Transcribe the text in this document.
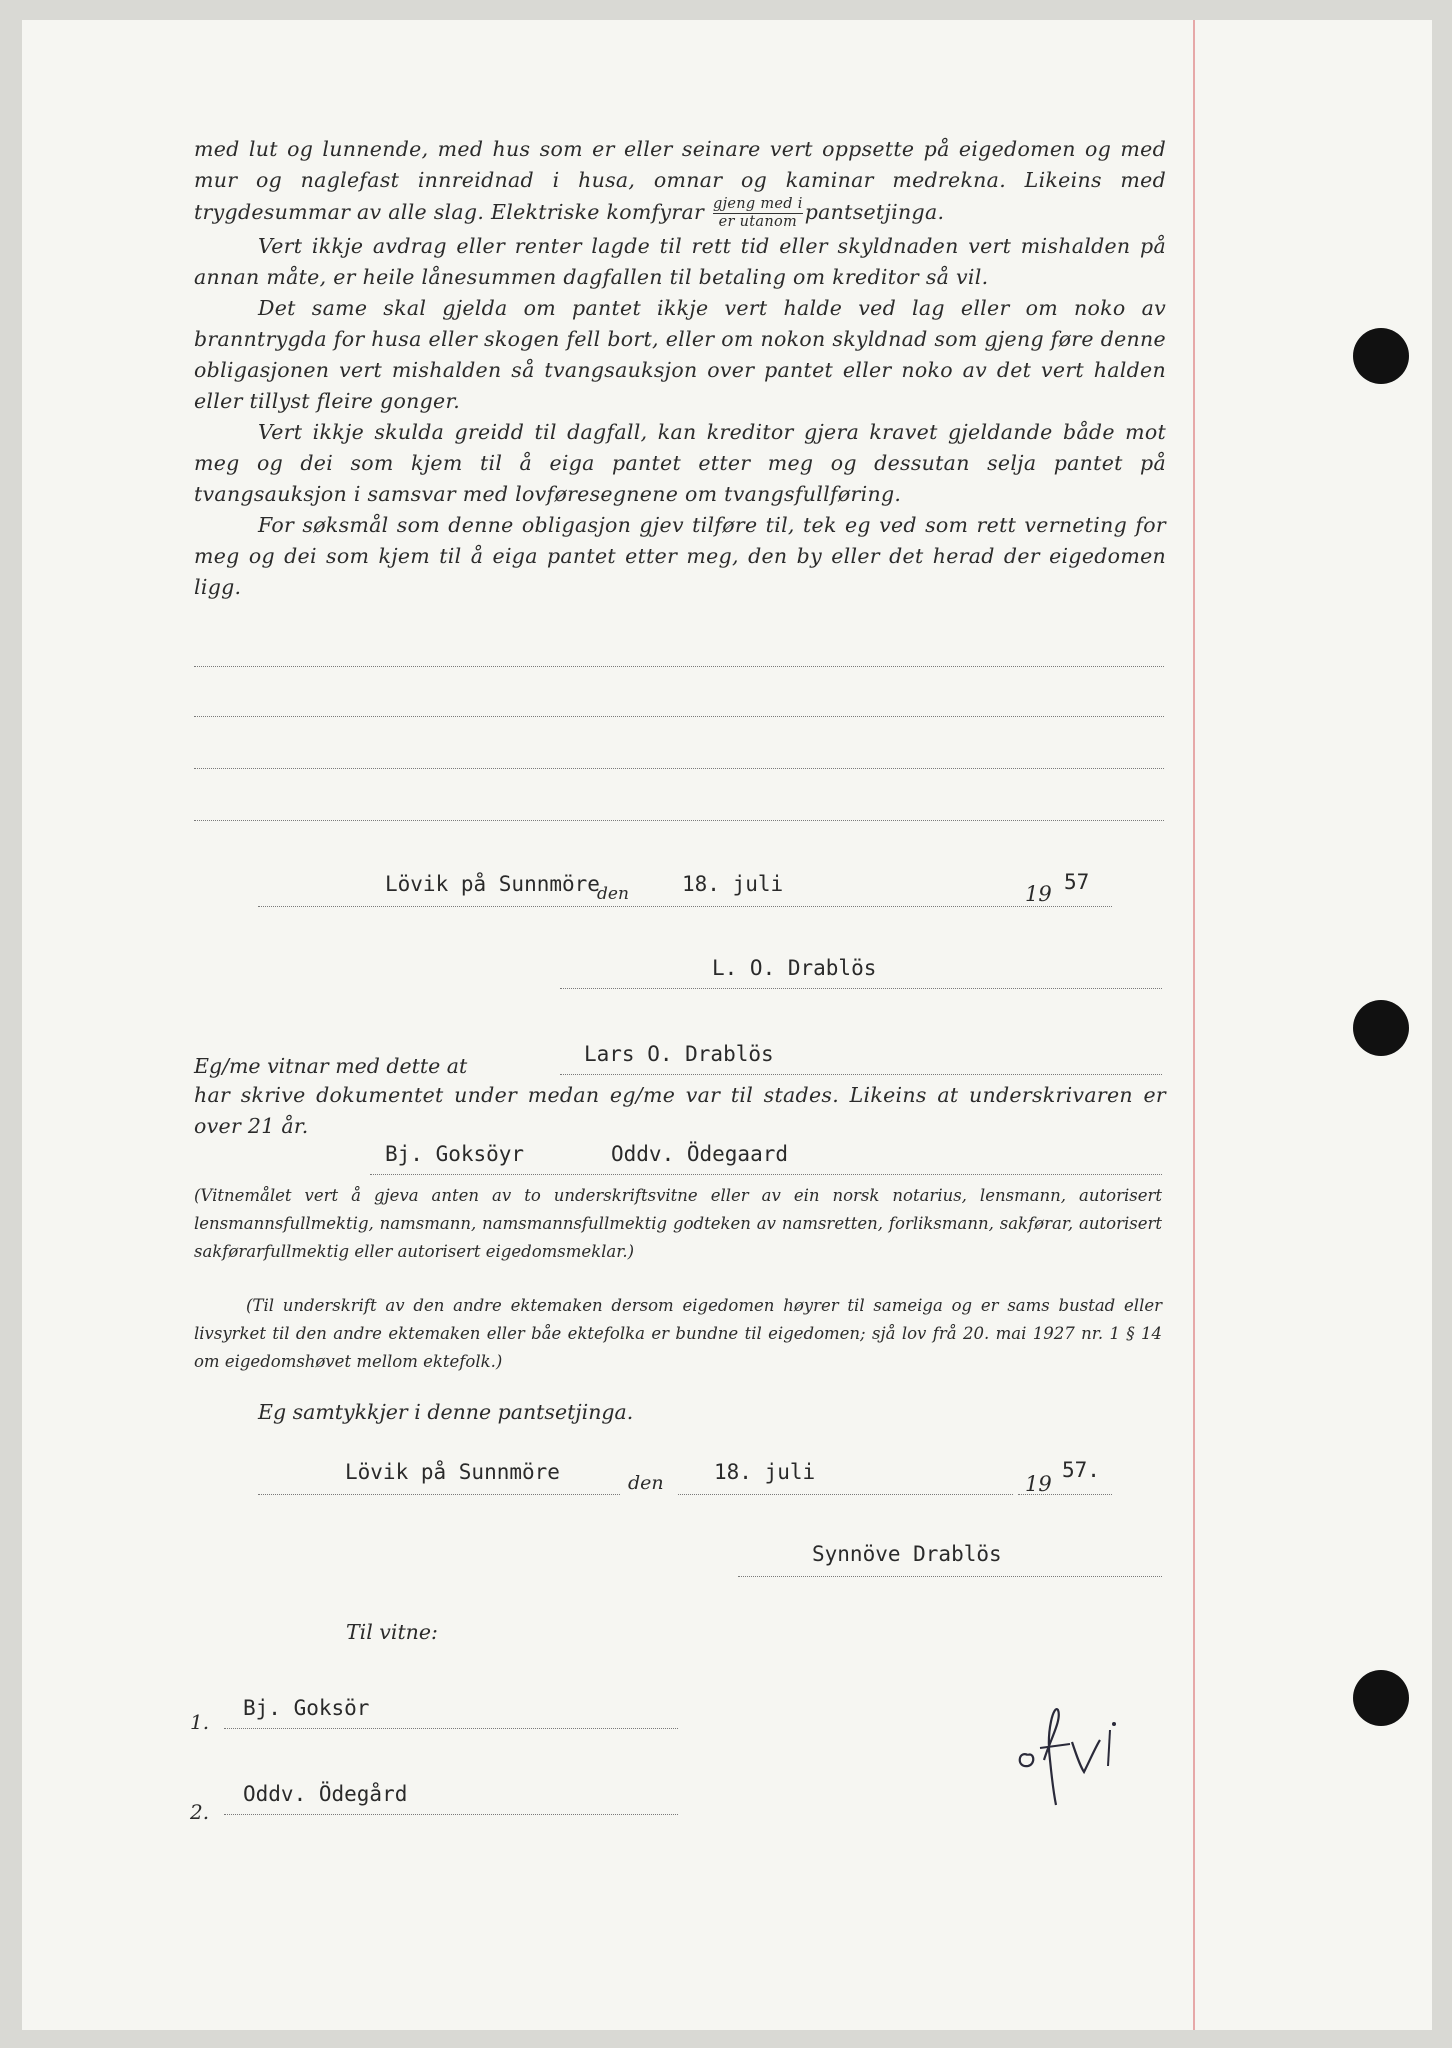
med lut og lunnende, med hus som er eller seinare vert oppsette på eigedomen og med mur og naglefast innreidnad i husa, omnar og kaminar medrekna. Likeins med trygdesummar av alle slag. Elektriske komfyrar $\frac{\text{gjeng med i}}{\text{er utanom}}$ pantsetjinga.

Vert ikkje avdrag eller renter lagde til rett tid eller skyldnaden vert mishalden på annan måte, er heile lånesummen dagfallen til betaling om kreditor så vil.

Det same skal gjelda om pantet ikkje vert halde ved lag eller om noko av branntrygda for husa eller skogen fell bort, eller om nokon skyldnad som gjeng føre denne obligasjonen vert mishalden så tvangsauksjon over pantet eller noko av det vert halden eller tillyst fleire gonger.

Vert ikkje skulda greidd til dagfall, kan kreditor gjera kravet gjeldande både mot meg og dei som kjem til å eiga pantet etter meg og dessutan selja pantet på tvangsauksjon i samsvar med lovføresegnene om tvangsfullføring.

For søksmål som denne obligasjon gjev tilføre til, tek eg ved som rett verneting for meg og dei som kjem til å eiga pantet etter meg, den by eller det herad der eigedomen ligg.

Lövik på Sunnmöre
den	18. juli	19 57
L. O. Drablös
Eg/me vitnar med dette at	Lars O. Drablös

har skrive dokumentet under medan eg/me var til stades. Likeins at underskrivaren er over 21 år.

Bj. Goksöyr	Oddv. Ödegaard

(Vitnemålet vert å gjeva anten av to underskriftsvitne eller av ein norsk notarius, lensmann, autorisert lensmannsfullmektig, namsmann, namsmannsfullmektig godteken av namsretten, forliksmann, sakførar, autorisert sakførarfullmektig eller autorisert eigedomsmeklar.)

(Til underskrift av den andre ektemaken dersom eigedomen høyrer til sameiga og er sams bustad eller livsyrket til den andre ektemaken eller båe ektefolka er bundne til eigedomen; sjå lov frå 20. mai 1927 nr. 1 § 14 om eigedomshøvet mellom ektefolk.)

Eg samtykkjer i denne pantsetjinga.
Lövik på Sunnmöre	den 18. juli	19
57.
Synnöve Drablös
Til vitne:
1.
Bj. Goksör
2.
Oddv. Ödegård
